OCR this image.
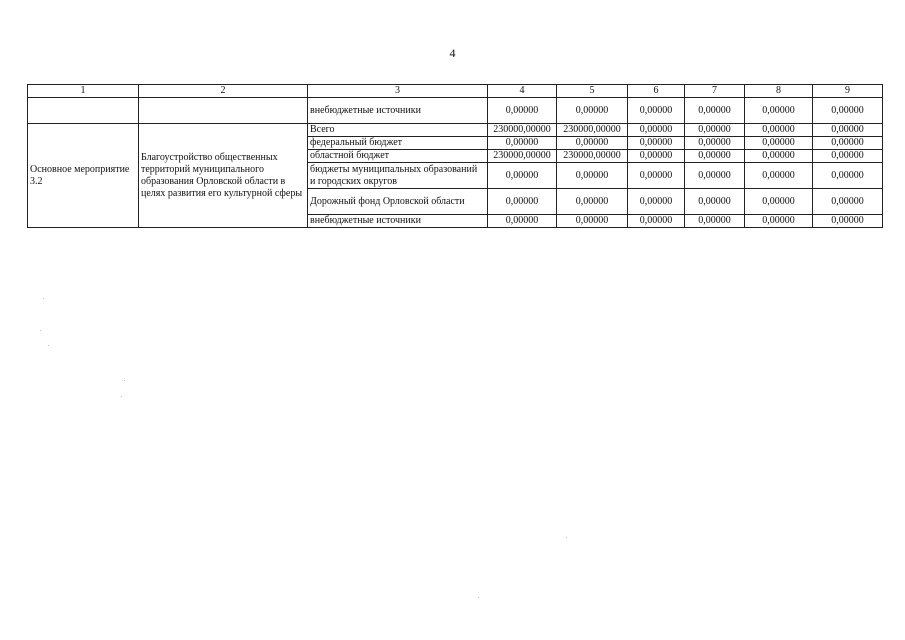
4
1	2	3	4	5	6	7	8	9
		внебюджетные источники	0,00000	0,00000	0,00000	0,00000	0,00000	0,00000
Основное мероприятие 3.2	Благоустройство общественных территорий муниципального образования Орловской области в целях развития его культурной сферы	Всего	230000,00000	230000,00000	0,00000	0,00000	0,00000	0,00000
		федеральный бюджет	0,00000	0,00000	0,00000	0,00000	0,00000	0,00000
		областной бюджет	230000,00000	230000,00000	0,00000	0,00000	0,00000	0,00000
		бюджеты муниципальных образований и городских округов	0,00000	0,00000	0,00000	0,00000	0,00000	0,00000
		Дорожный фонд Орловской области	0,00000	0,00000	0,00000	0,00000	0,00000	0,00000
		внебюджетные источники	0,00000	0,00000	0,00000	0,00000	0,00000	0,00000
